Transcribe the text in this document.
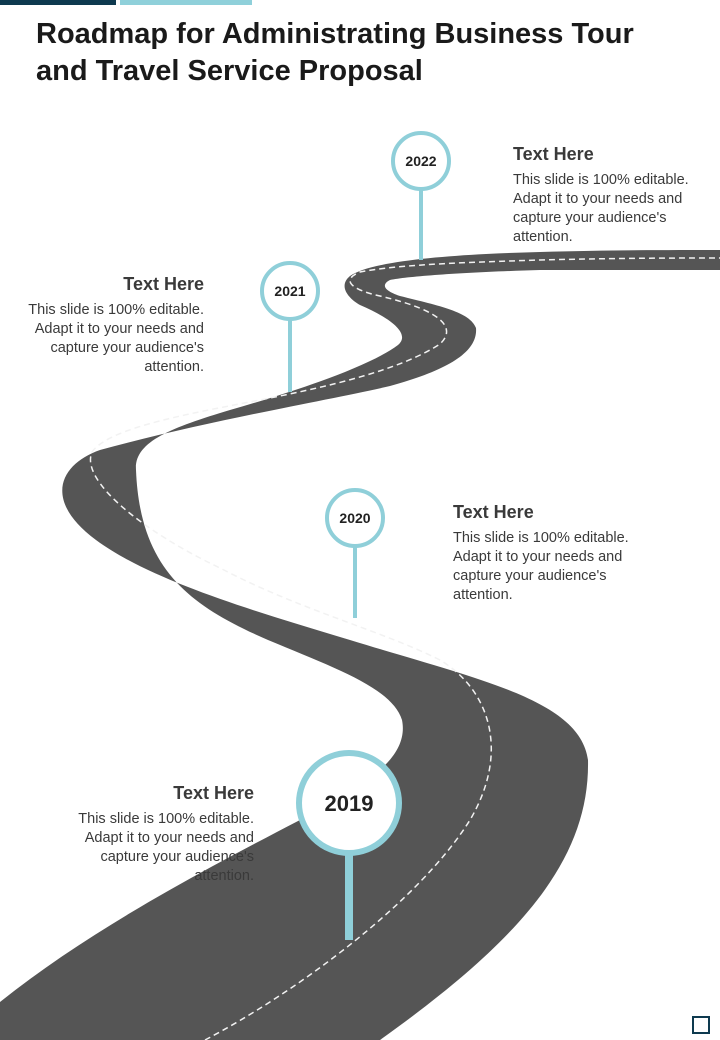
Roadmap for Administrating Business Tour and Travel Service Proposal
2022
2021
2020
2019
Text Here
This slide is 100% editable. Adapt it to your needs and capture your audience's attention.
Text Here
This slide is 100% editable. Adapt it to your needs and capture your audience's attention.
Text Here
This slide is 100% editable. Adapt it to your needs and capture your audience's attention.
Text Here
This slide is 100% editable. Adapt it to your needs and capture your audience's attention.
